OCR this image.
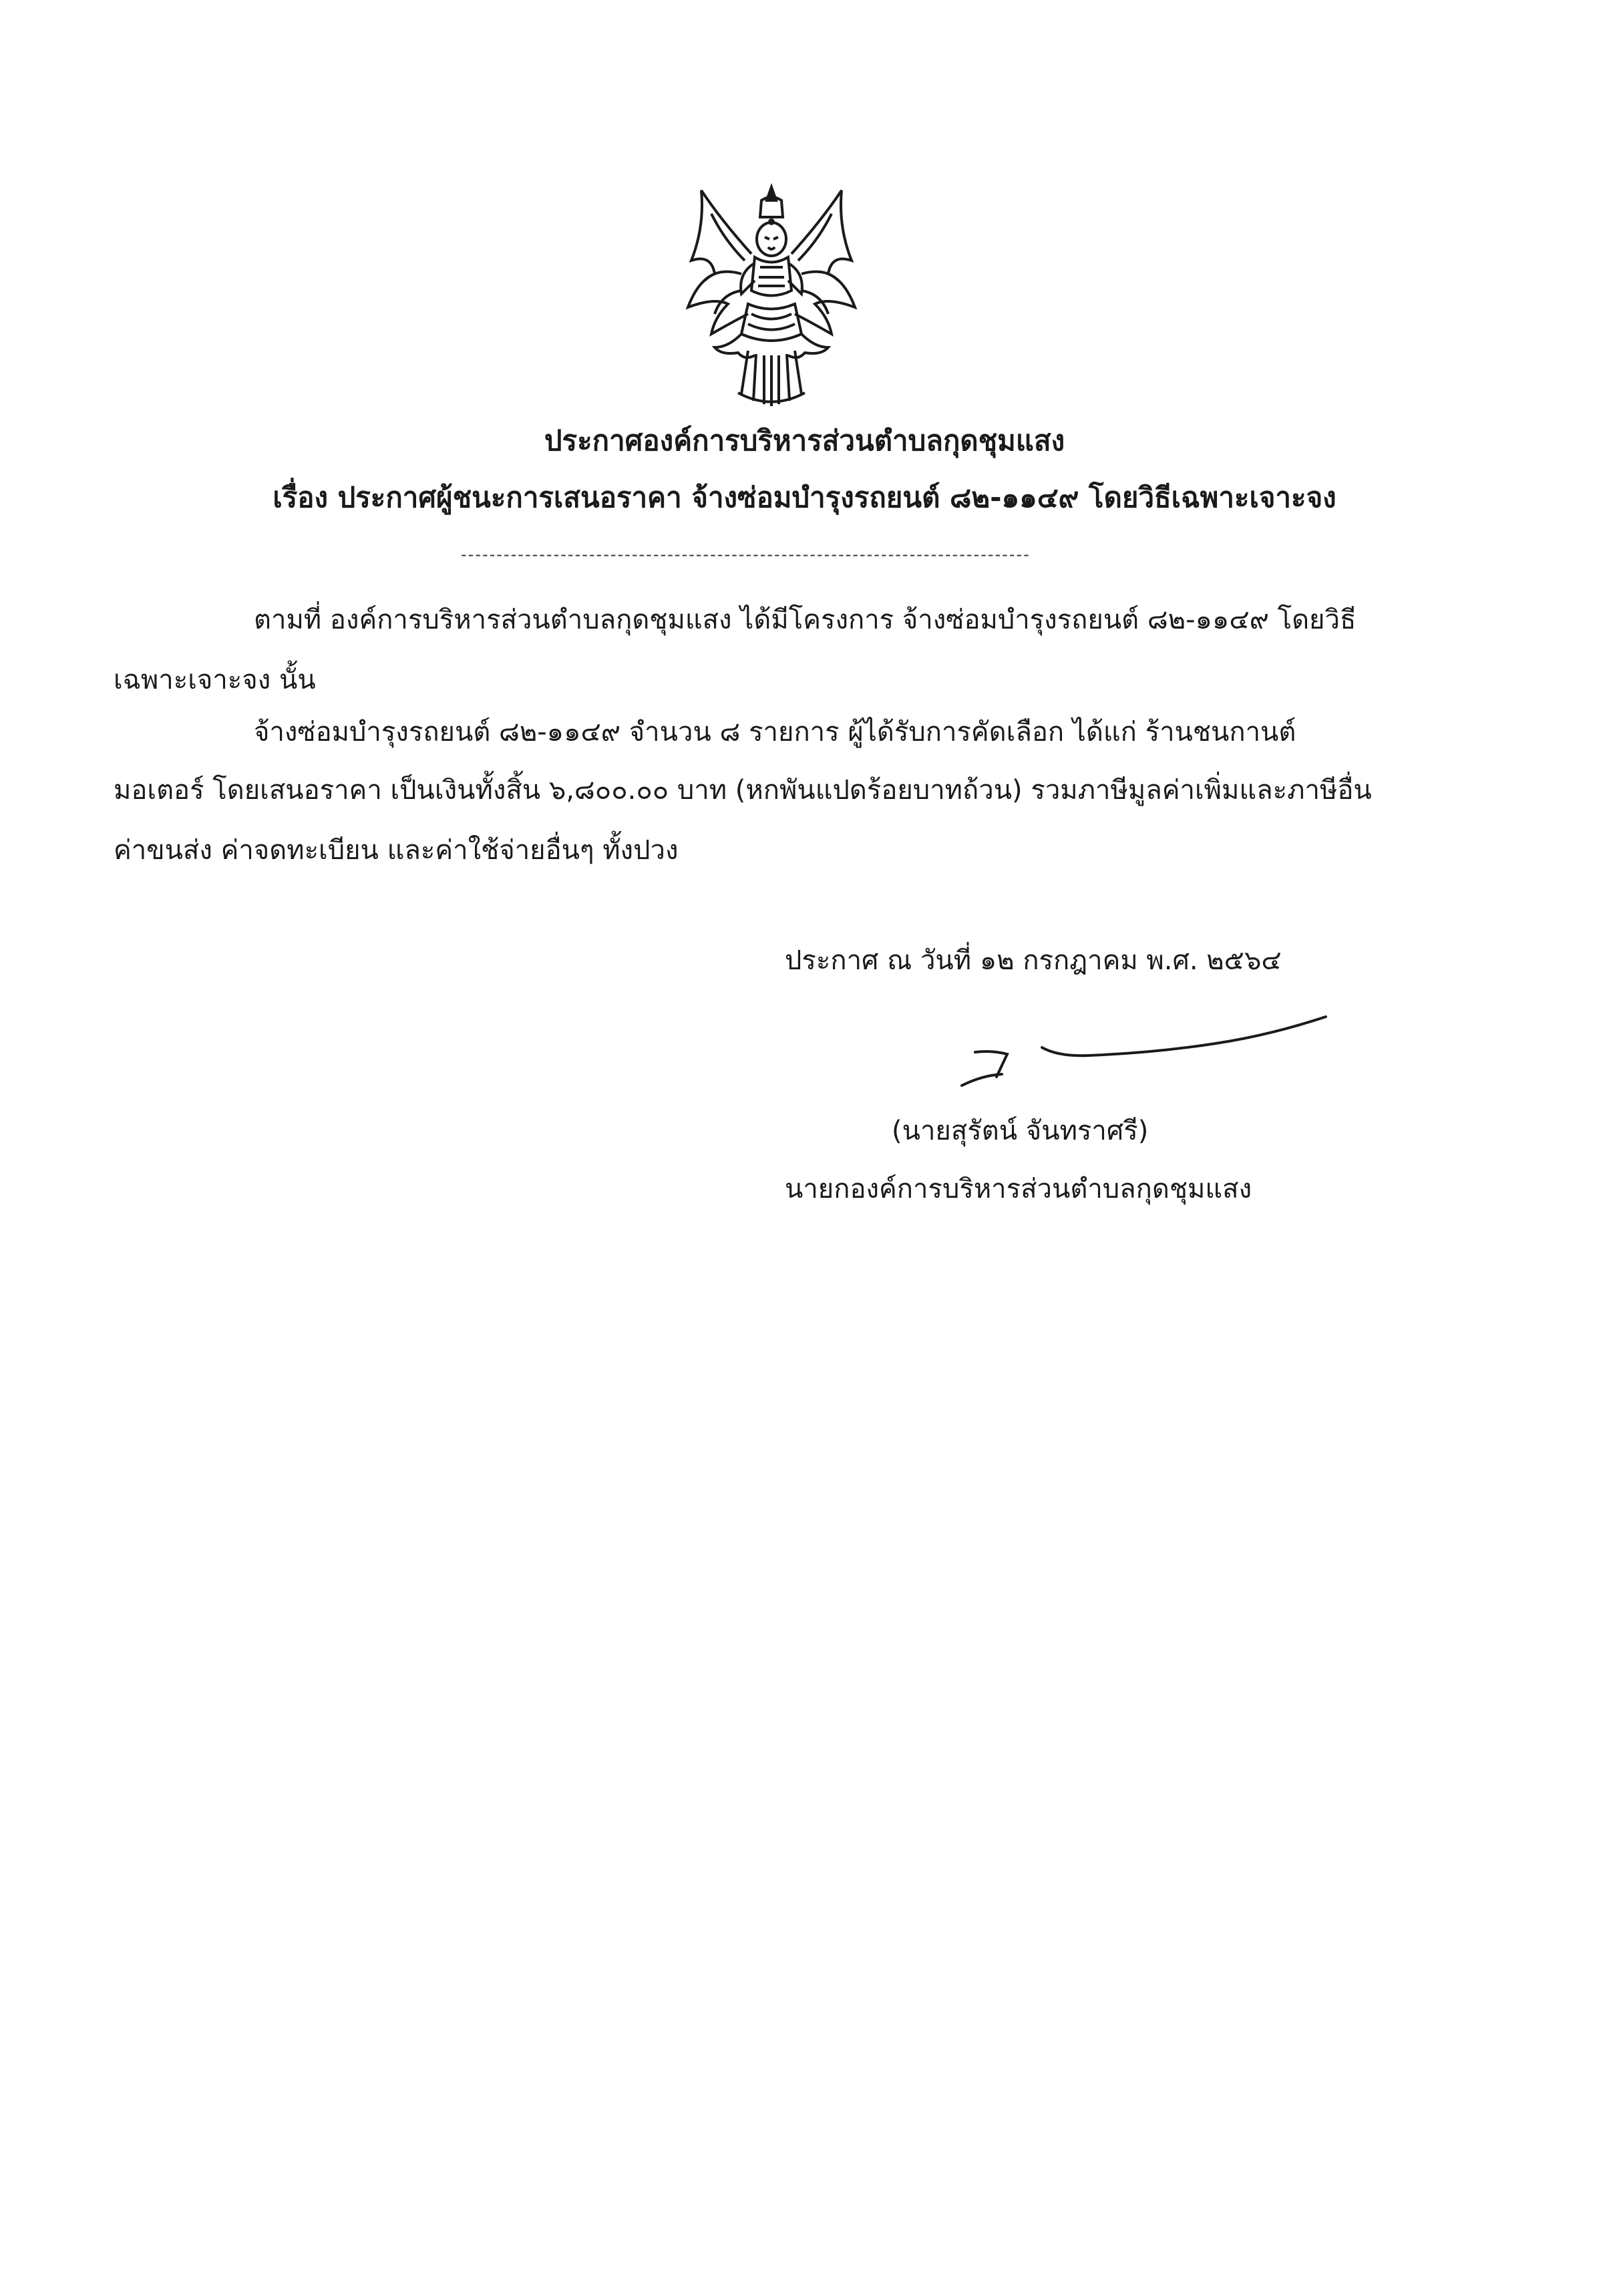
ประกาศองค์การบริหารส่วนตำบลกุดชุมแสง
เรื่อง ประกาศผู้ชนะการเสนอราคา จ้างซ่อมบำรุงรถยนต์ ๘๒-๑๑๔๙ โดยวิธีเฉพาะเจาะจง
--------------------------------------------------------------------------------
ตามที่ องค์การบริหารส่วนตำบลกุดชุมแสง ได้มีโครงการ จ้างซ่อมบำรุงรถยนต์ ๘๒-๑๑๔๙ โดยวิธี
เฉพาะเจาะจง นั้น
จ้างซ่อมบำรุงรถยนต์ ๘๒-๑๑๔๙ จำนวน ๘ รายการ ผู้ได้รับการคัดเลือก ได้แก่ ร้านชนกานต์
มอเตอร์ โดยเสนอราคา เป็นเงินทั้งสิ้น ๖,๘๐๐.๐๐ บาท (หกพันแปดร้อยบาทถ้วน) รวมภาษีมูลค่าเพิ่มและภาษีอื่น
ค่าขนส่ง ค่าจดทะเบียน และค่าใช้จ่ายอื่นๆ ทั้งปวง
ประกาศ ณ วันที่ ๑๒ กรกฎาคม พ.ศ. ๒๕๖๔
(นายสุรัตน์ จันทราศรี)
นายกองค์การบริหารส่วนตำบลกุดชุมแสง
